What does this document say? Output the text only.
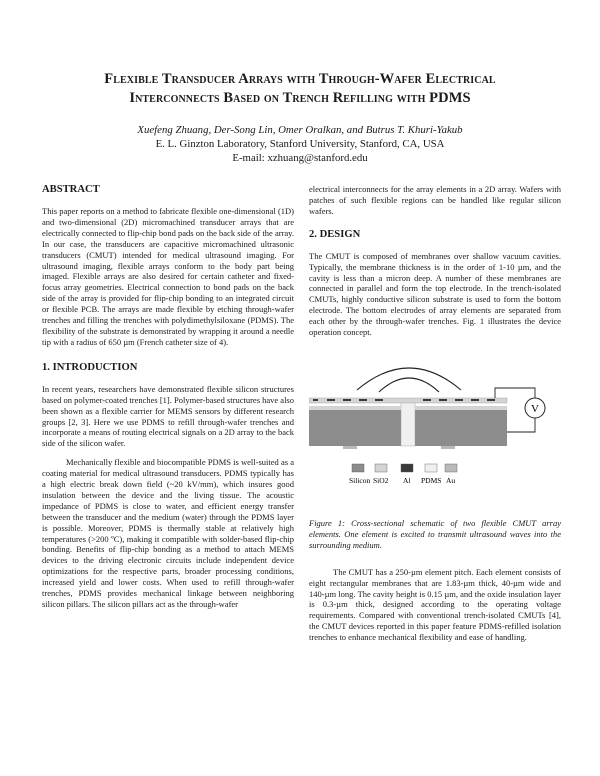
Flexible Transducer Arrays with Through-Wafer Electrical
Interconnects Based on Trench Refilling with PDMS
Xuefeng Zhuang, Der-Song Lin, Omer Oralkan, and Butrus T. Khuri-Yakub
E. L. Ginzton Laboratory, Stanford University, Stanford, CA, USA
E-mail: xzhuang@stanford.edu
ABSTRACT

This paper reports on a method to fabricate flexible one-dimensional (1D) and two-dimensional (2D) micromachined transducer arrays that are electrically connected to flip-chip bond pads on the back side of the array. In our case, the transducers are capacitive micromachined ultrasonic transducers (CMUT) intended for medical ultrasound imaging. For ultrasound imaging, flexible arrays conform to the body part being imaged. Flexible arrays are also desired for certain catheter and fixed-focus array geometries. Electrical connection to bond pads on the back side of the array is provided for flip-chip bonding to an integrated circuit or flexible PCB. The arrays are made flexible by etching through-wafer trenches and filling the trenches with polydimethylsiloxane (PDMS). The flexibility of the substrate is demonstrated by wrapping it around a needle tip with a radius of 650 µm (French catheter size of 4).

1. INTRODUCTION

In recent years, researchers have demonstrated flexible silicon structures based on polymer-coated trenches [1]. Polymer-based structures have also been shown as a flexible carrier for MEMS sensors by different research groups [2, 3]. Here we use PDMS to refill through-wafer trenches and incorporate a means of routing electrical signals on a 2D array to the back side of the silicon wafer.

Mechanically flexible and biocompatible PDMS is well-suited as a coating material for medical ultrasound transducers. PDMS typically has a high electric break down field (~20 kV/mm), which insures good insulation between the device and the living tissue. The acoustic impedance of PDMS is close to water, and efficient energy transfer between the transducer and the medium (water) through the PDMS layer is possible. Moreover, PDMS is thermally stable at relatively high temperatures (>200 ºC), making it compatible with solder-based flip-chip bonding. Benefits of flip-chip bonding as a method to attach MEMS devices to the driving electronic circuits include independent device optimizations for the respective parts, broader processing conditions, increased yield and lower costs. When used to refill through-wafer trenches, PDMS provides mechanical linkage between neighboring silicon pillars. The silicon pillars act as the through-wafer

electrical interconnects for the array elements in a 2D array. Wafers with patches of such flexible regions can be handled like regular silicon wafers.

2. DESIGN

The CMUT is composed of membranes over shallow vacuum cavities. Typically, the membrane thickness is in the order of 1-10 µm, and the cavity is less than a micron deep. A number of these membranes are connected in parallel and form the top electrode. In the trench-isolated CMUTs, highly conductive silicon substrate is used to form the bottom electrode. The bottom electrodes of array elements are separated from each other by the through-wafer trenches. Fig. 1 illustrates the device operation concept.

V
Silicon SiO2 Al PDMS Au

Figure 1: Cross-sectional schematic of two flexible CMUT array elements. One element is excited to transmit ultrasound waves into the surrounding medium.

The CMUT has a 250-µm element pitch. Each element consists of eight rectangular membranes that are 1.83-µm thick, 40-µm wide and 140-µm long. The cavity height is 0.15 µm, and the oxide insulation layer is 0.3-µm thick, designed according to the operating voltage requirements. Compared with conventional trench-isolated CMUTs [4], the CMUT devices reported in this paper feature PDMS-refilled isolation trenches to enhance mechanical flexibility and ease of handling.
